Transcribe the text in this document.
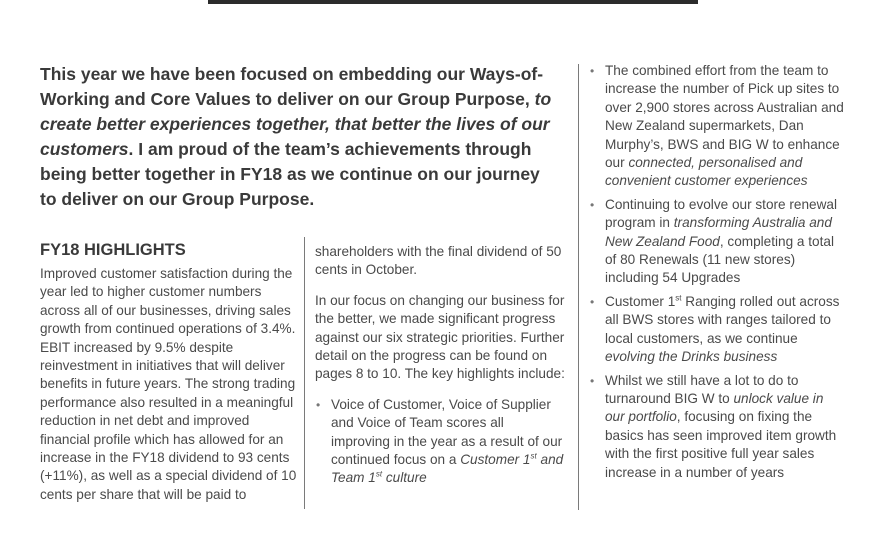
This year we have been focused on embedding our Ways-of-Working and Core Values to deliver on our Group Purpose, to create better experiences together, that better the lives of our customers. I am proud of the team’s achievements through being better together in FY18 as we continue on our journey to deliver on our Group Purpose.

FY18 HIGHLIGHTS

Improved customer satisfaction during the year led to higher customer numbers across all of our businesses, driving sales growth from continued operations of 3.4%. EBIT increased by 9.5% despite reinvestment in initiatives that will deliver benefits in future years. The strong trading performance also resulted in a meaningful reduction in net debt and improved financial profile which has allowed for an increase in the FY18 dividend to 93 cents (+11%), as well as a special dividend of 10 cents per share that will be paid to

shareholders with the final dividend of 50 cents in October.

In our focus on changing our business for the better, we made significant progress against our six strategic priorities. Further detail on the progress can be found on pages 8 to 10. The key highlights include:

• Voice of Customer, Voice of Supplier and Voice of Team scores all improving in the year as a result of our continued focus on a Customer 1st and Team 1st culture
• The combined effort from the team to increase the number of Pick up sites to over 2,900 stores across Australian and New Zealand supermarkets, Dan Murphy’s, BWS and BIG W to enhance our connected, personalised and convenient customer experiences
• Continuing to evolve our store renewal program in transforming Australia and New Zealand Food, completing a total of 80 Renewals (11 new stores) including 54 Upgrades
• Customer 1st Ranging rolled out across all BWS stores with ranges tailored to local customers, as we continue evolving the Drinks business
• Whilst we still have a lot to do to turnaround BIG W to unlock value in our portfolio, focusing on fixing the basics has seen improved item growth with the first positive full year sales increase in a number of years
